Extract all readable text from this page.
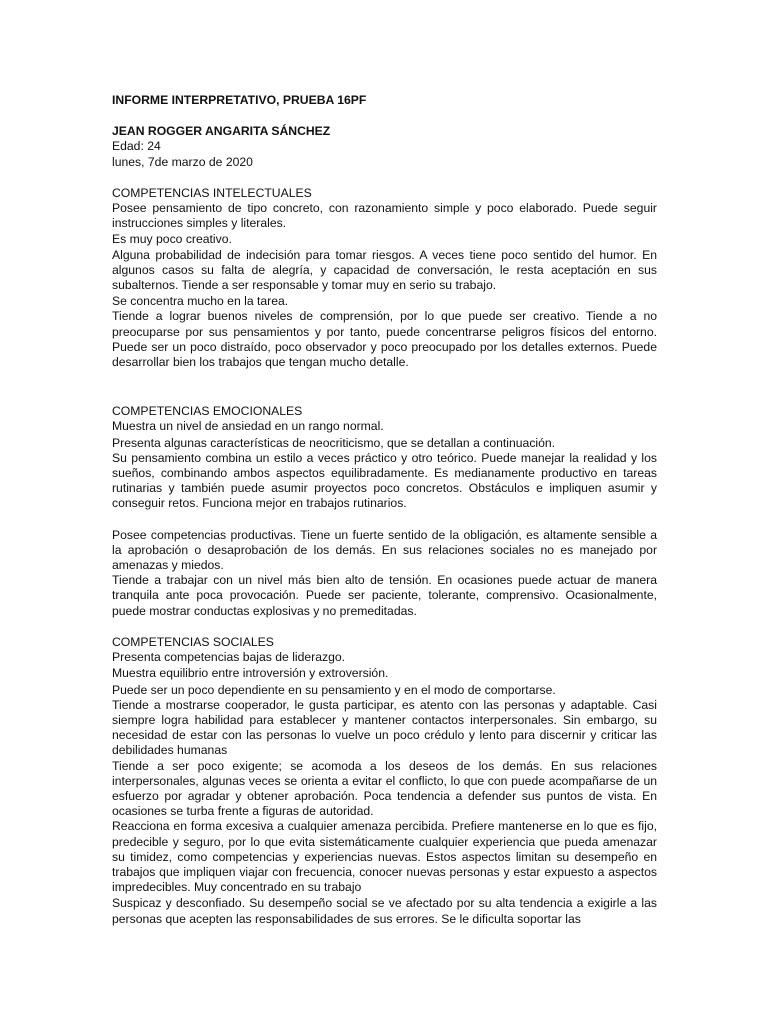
INFORME INTERPRETATIVO, PRUEBA 16PF

JEAN ROGGER ANGARITA SÁNCHEZ

Edad: 24

lunes, 7de marzo de 2020

COMPETENCIAS INTELECTUALES

Posee pensamiento de tipo concreto, con razonamiento simple y poco elaborado. Puede seguir instrucciones simples y literales.

Es muy poco creativo.

Alguna probabilidad de indecisión para tomar riesgos. A veces tiene poco sentido del humor. En algunos casos su falta de alegría, y capacidad de conversación, le resta aceptación en sus subalternos. Tiende a ser responsable y tomar muy en serio su trabajo.

Se concentra mucho en la tarea.

Tiende a lograr buenos niveles de comprensión, por lo que puede ser creativo. Tiende a no preocuparse por sus pensamientos y por tanto, puede concentrarse peligros físicos del entorno. Puede ser un poco distraído, poco observador y poco preocupado por los detalles externos. Puede desarrollar bien los trabajos que tengan mucho detalle.

COMPETENCIAS EMOCIONALES

Muestra un nivel de ansiedad en un rango normal.

Presenta algunas características de neocriticismo, que se detallan a continuación.

Su pensamiento combina un estilo a veces práctico y otro teórico. Puede manejar la realidad y los sueños, combinando ambos aspectos equilibradamente. Es medianamente productivo en tareas rutinarias y también puede asumir proyectos poco concretos. Obstáculos e impliquen asumir y conseguir retos. Funciona mejor en trabajos rutinarios.

Posee competencias productivas. Tiene un fuerte sentido de la obligación, es altamente sensible a la aprobación o desaprobación de los demás. En sus relaciones sociales no es manejado por amenazas y miedos.

Tiende a trabajar con un nivel más bien alto de tensión. En ocasiones puede actuar de manera tranquila ante poca provocación. Puede ser paciente, tolerante, comprensivo. Ocasionalmente, puede mostrar conductas explosivas y no premeditadas.

COMPETENCIAS SOCIALES

Presenta competencias bajas de liderazgo.

Muestra equilibrio entre introversión y extroversión.

Puede ser un poco dependiente en su pensamiento y en el modo de comportarse.

Tiende a mostrarse cooperador, le gusta participar, es atento con las personas y adaptable. Casi siempre logra habilidad para establecer y mantener contactos interpersonales. Sin embargo, su necesidad de estar con las personas lo vuelve un poco crédulo y lento para discernir y criticar las debilidades humanas

Tiende a ser poco exigente; se acomoda a los deseos de los demás. En sus relaciones interpersonales, algunas veces se orienta a evitar el conflicto, lo que con puede acompañarse de un esfuerzo por agradar y obtener aprobación. Poca tendencia a defender sus puntos de vista. En ocasiones se turba frente a figuras de autoridad.

Reacciona en forma excesiva a cualquier amenaza percibida. Prefiere mantenerse en lo que es fijo, predecible y seguro, por lo que evita sistemáticamente cualquier experiencia que pueda amenazar su timidez, como competencias y experiencias nuevas. Estos aspectos limitan su desempeño en trabajos que impliquen viajar con frecuencia, conocer nuevas personas y estar expuesto a aspectos impredecibles. Muy concentrado en su trabajo

Suspicaz y desconfiado. Su desempeño social se ve afectado por su alta tendencia a exigirle a las personas que acepten las responsabilidades de sus errores. Se le dificulta soportar las
